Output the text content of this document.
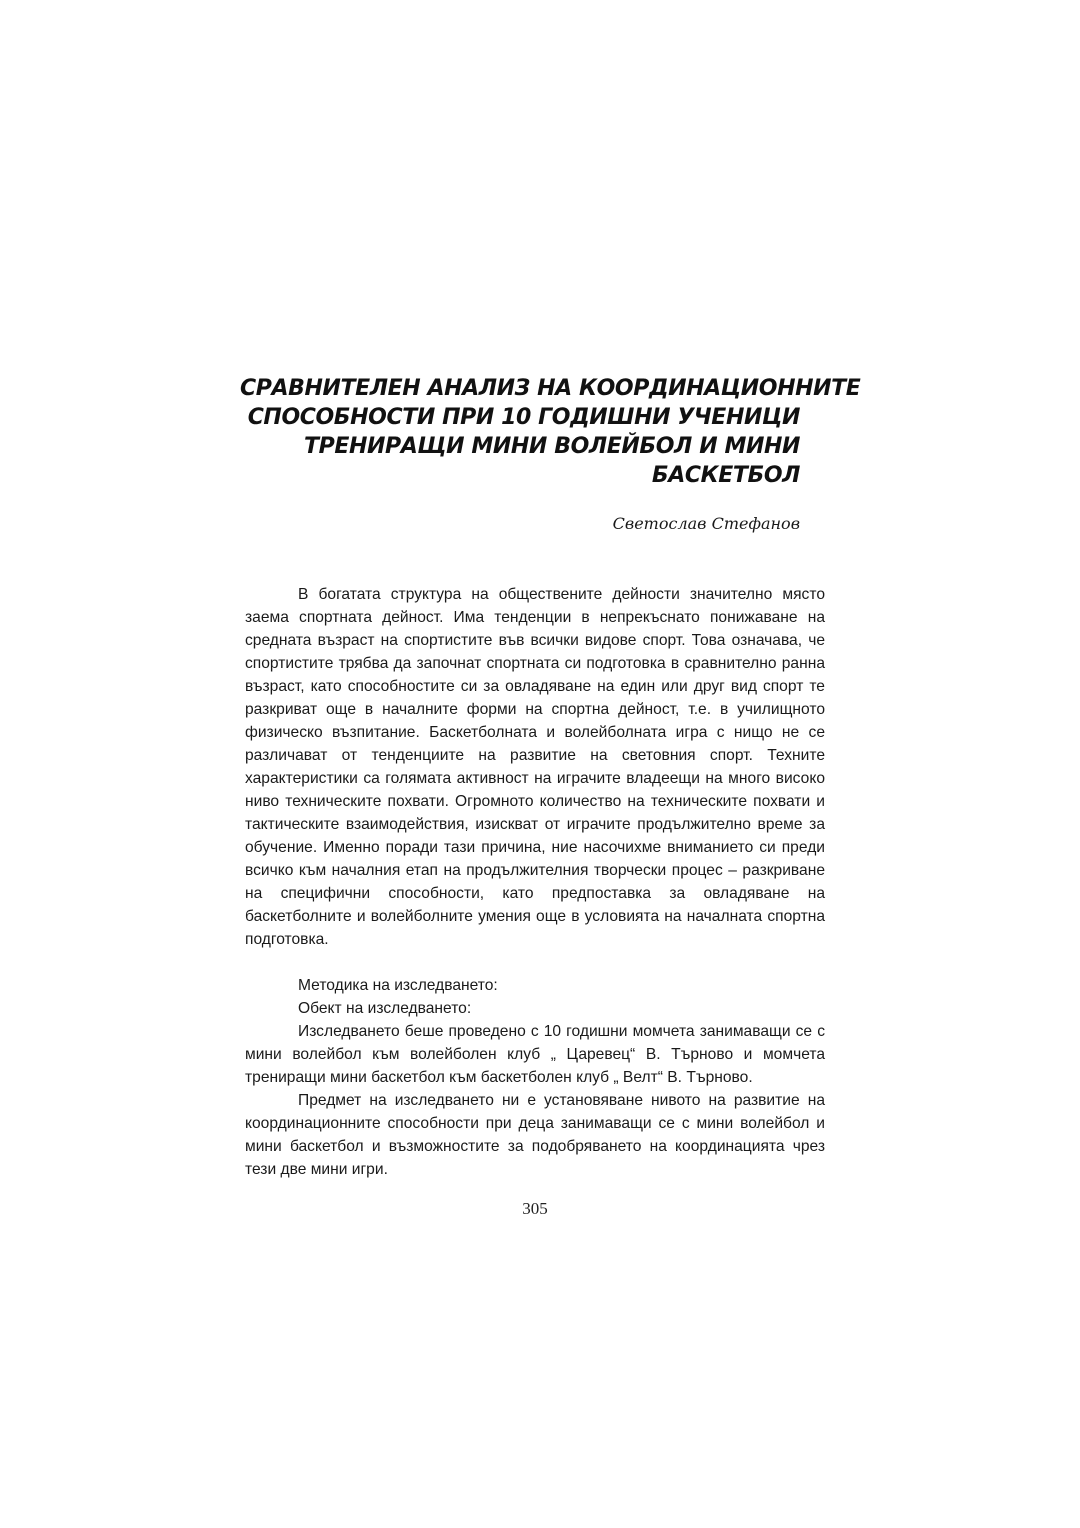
СРАВНИТЕЛЕН АНАЛИЗ НА КООРДИНАЦИОННИТЕ
СПОСОБНОСТИ ПРИ 10 ГОДИШНИ УЧЕНИЦИ
ТРЕНИРАЩИ МИНИ ВОЛЕЙБОЛ И МИНИ
БАСКЕТБОЛ
Светослав Стефанов

В богатата структура на обществените дейности значително място заема спортната дейност. Има тенденции в непрекъснато понижаване на средната възраст на спортистите във всички видове спорт. Това означава, че спортистите трябва да започнат спортната си подготовка в сравнително ранна възраст, като способностите си за овладяване на един или друг вид спорт те разкриват още в началните форми на спортна дейност, т.е. в училищното физическо възпитание. Баскетболната и волейболната игра с нищо не се различават от тенденциите на развитие на световния спорт. Техните характеристики са голямата активност на играчите владеещи на много високо ниво техническите похвати. Огромното количество на техническите похвати и тактическите взаимодействия, изискват от играчите продължително време за обучение. Именно поради тази причина, ние насочихме вниманието си преди всичко към началния етап на продължителния творчески процес – разкриване на специфични способности, като предпоставка за овладяване на баскетболните и волейболните умения още в условията на началната спортна подготовка.

Методика на изследването:

Обект на изследването:

Изследването беше проведено с 10 годишни момчета занимаващи се с мини волейбол към волейболен клуб „ Царевец“ В. Търново и момчета трениращи мини баскетбол към баскетболен клуб „ Велт“ В. Търново.

Предмет на изследването ни е установяване нивото на развитие на координационните способности при деца занимаващи се с мини волейбол и мини баскетбол и възможностите за подобряването на координацията чрез тези две мини игри.

305
